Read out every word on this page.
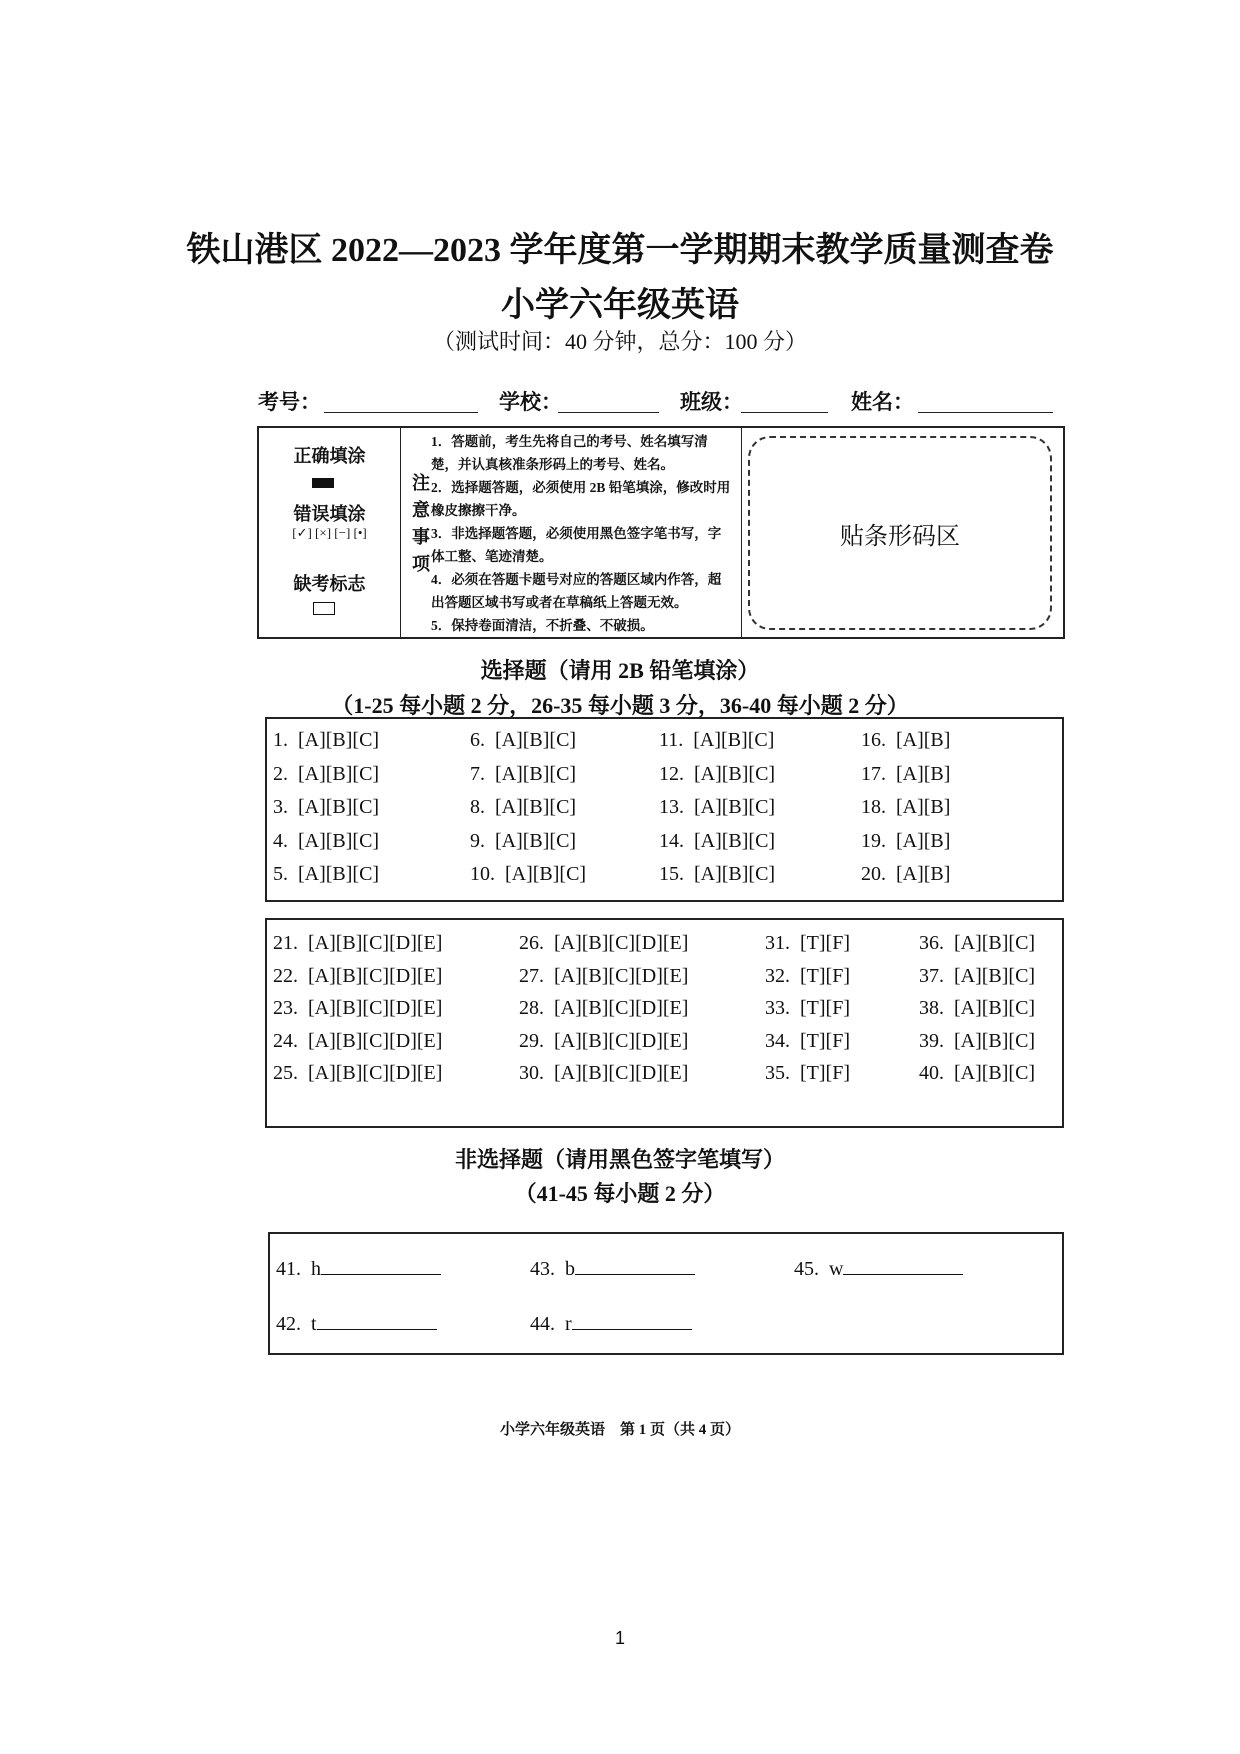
铁山港区 2022—2023 学年度第一学期期末教学质量测查卷
小学六年级英语
（测试时间：40 分钟，总分：100 分）
考号：	学校：	班级：	姓名：
正确填涂
错误填涂
[✓] [×] [−] [•]
缺考标志
注意事项
1．答题前，考生先将自己的考号、姓名填写清楚，并认真核准条形码上的考号、姓名。
2．选择题答题，必须使用 2B 铅笔填涂，修改时用橡皮擦擦干净。
3．非选择题答题，必须使用黑色签字笔书写，字体工整、笔迹清楚。
4．必须在答题卡题号对应的答题区域内作答，超出答题区域书写或者在草稿纸上答题无效。
5．保持卷面清洁，不折叠、不破损。
贴条形码区
选择题（请用 2B 铅笔填涂）
（1-25 每小题 2 分，26-35 每小题 3 分，36-40 每小题 2 分）
1. [A][B][C]
2. [A][B][C]
3. [A][B][C]
4. [A][B][C]
5. [A][B][C]
6. [A][B][C]
7. [A][B][C]
8. [A][B][C]
9. [A][B][C]
10. [A][B][C]
11. [A][B][C]
12. [A][B][C]
13. [A][B][C]
14. [A][B][C]
15. [A][B][C]
16. [A][B]
17. [A][B]
18. [A][B]
19. [A][B]
20. [A][B]
21. [A][B][C][D][E]
22. [A][B][C][D][E]
23. [A][B][C][D][E]
24. [A][B][C][D][E]
25. [A][B][C][D][E]
26. [A][B][C][D][E]
27. [A][B][C][D][E]
28. [A][B][C][D][E]
29. [A][B][C][D][E]
30. [A][B][C][D][E]
31. [T][F]
32. [T][F]
33. [T][F]
34. [T][F]
35. [T][F]
36. [A][B][C]
37. [A][B][C]
38. [A][B][C]
39. [A][B][C]
40. [A][B][C]
非选择题（请用黑色签字笔填写）
（41-45 每小题 2 分）
41. h
42. t
43. b
44. r
45. w
小学六年级英语　第 1 页（共 4 页）
1
